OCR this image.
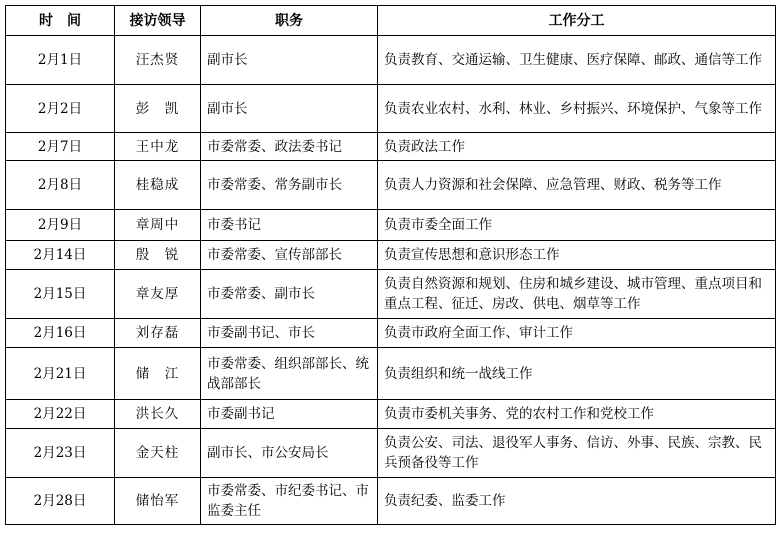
时　间	接访领导	职务	工作分工
2月1日	汪杰贤	副市长	负责教育、交通运输、卫生健康、医疗保障、邮政、通信等工作
2月2日	彭　凯	副市长	负责农业农村、水利、林业、乡村振兴、环境保护、气象等工作
2月7日	王中龙	市委常委、政法委书记	负责政法工作
2月8日	桂稳成	市委常委、常务副市长	负责人力资源和社会保障、应急管理、财政、税务等工作
2月9日	章周中	市委书记	负责市委全面工作
2月14日	殷　锐	市委常委、宣传部部长	负责宣传思想和意识形态工作
2月15日	章友厚	市委常委、副市长	负责自然资源和规划、住房和城乡建设、城市管理、重点项目和重点工程、征迁、房改、供电、烟草等工作
2月16日	刘存磊	市委副书记、市长	负责市政府全面工作、审计工作
2月21日	储　江	市委常委、组织部部长、统战部部长	负责组织和统一战线工作
2月22日	洪长久	市委副书记	负责市委机关事务、党的农村工作和党校工作
2月23日	金天柱	副市长、市公安局长	负责公安、司法、退役军人事务、信访、外事、民族、宗教、民兵预备役等工作
2月28日	储怡军	市委常委、市纪委书记、市监委主任	负责纪委、监委工作
